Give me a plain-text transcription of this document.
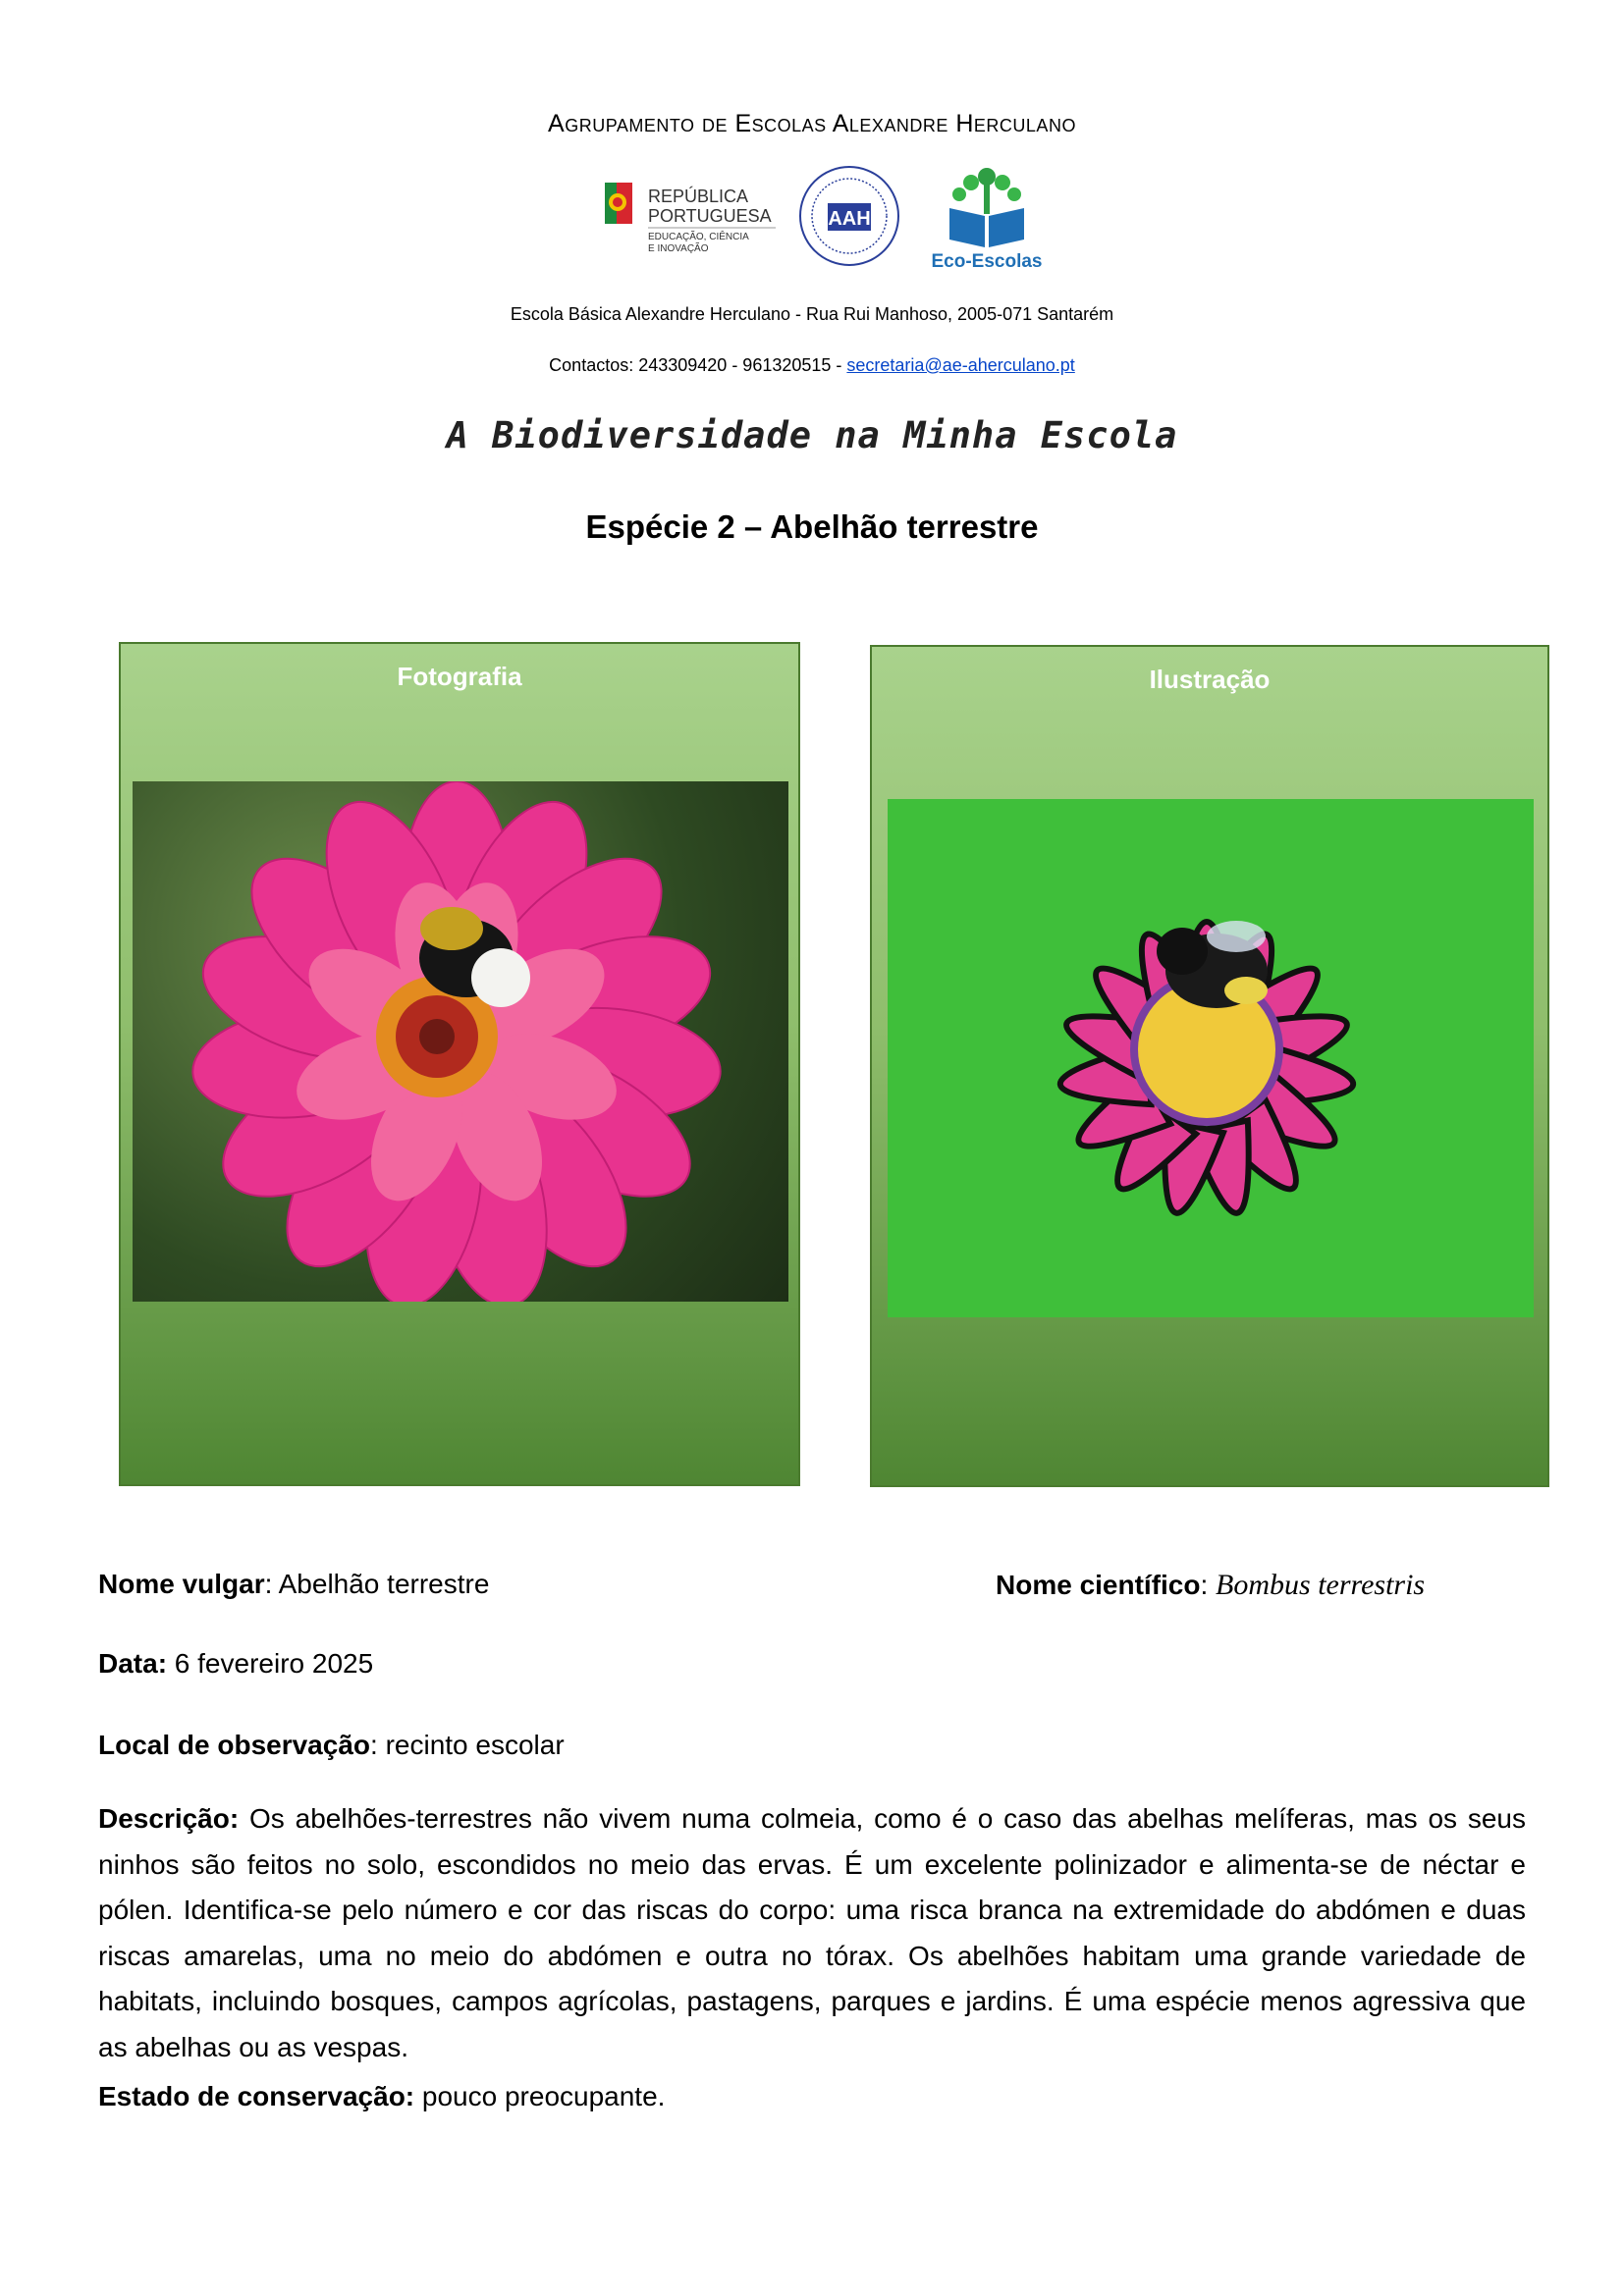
Agrupamento de Escolas Alexandre Herculano
REPÚBLICA
PORTUGUESA
EDUCAÇÃO, CIÊNCIA
E INOVAÇÃO
AAH
Eco-Escolas
Escola Básica Alexandre Herculano - Rua Rui Manhoso, 2005-071 Santarém
Contactos: 243309420 - 961320515 - secretaria@ae-aherculano.pt
A Biodiversidade na Minha Escola
Espécie 2 – Abelhão terrestre
Fotografia	Ilustração
Nome vulgar: Abelhão terrestre	Nome científico: Bombus terrestris
Data: 6 fevereiro 2025
Local de observação: recinto escolar
Descrição: Os abelhões-terrestres não vivem numa colmeia, como é o caso das abelhas melíferas, mas os seus ninhos são feitos no solo, escondidos no meio das ervas. É um excelente polinizador e alimenta-se de néctar e pólen. Identifica-se pelo número e cor das riscas do corpo: uma risca branca na extremidade do abdómen e duas riscas amarelas, uma no meio do abdómen e outra no tórax. Os abelhões habitam uma grande variedade de habitats, incluindo bosques, campos agrícolas, pastagens, parques e jardins. É uma espécie menos agressiva que as abelhas ou as vespas.
Estado de conservação: pouco preocupante.
